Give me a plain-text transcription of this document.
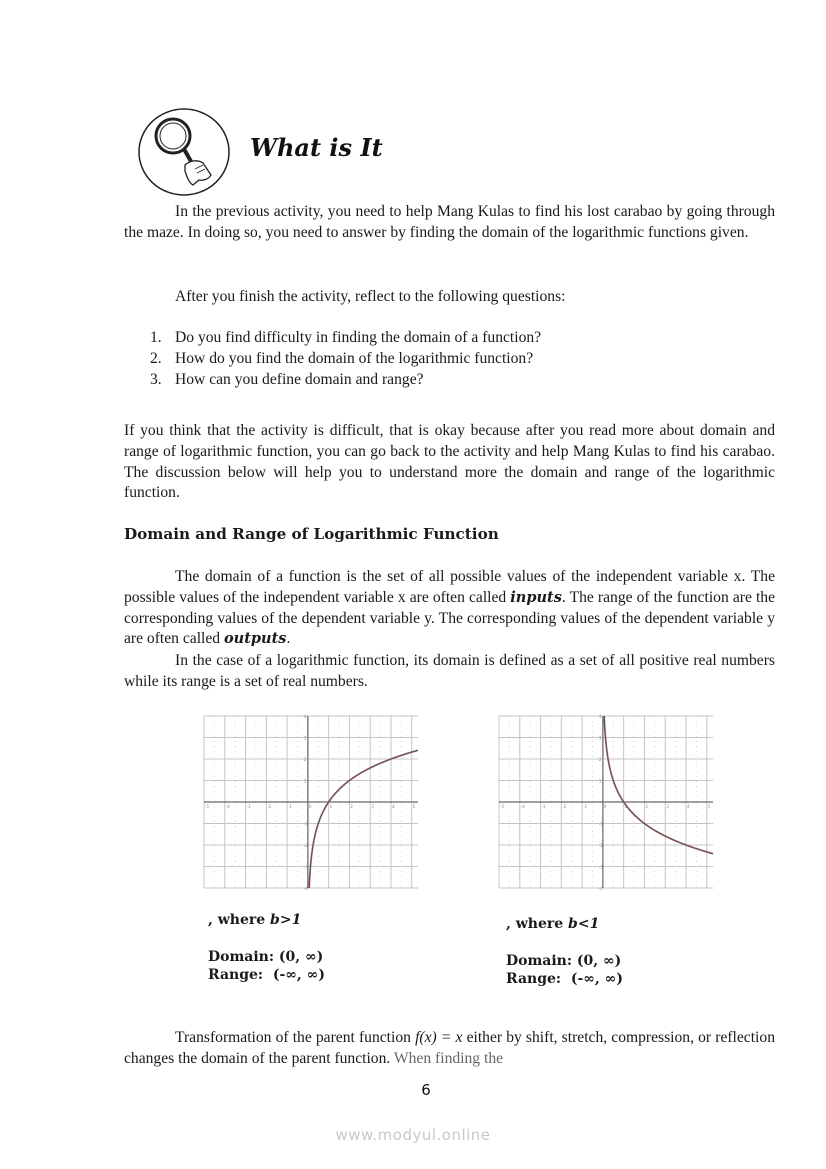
What is It
In the previous activity, you need to help Mang Kulas to find his lost carabao by going through the maze. In doing so, you need to answer by finding the domain of the logarithmic functions given.
After you finish the activity, reflect to the following questions:
1. Do you find difficulty in finding the domain of a function?
2. How do you find the domain of the logarithmic function?
3. How can you define domain and range?
If you think that the activity is difficult, that is okay because after you read more about domain and range of logarithmic function, you can go back to the activity and help Mang Kulas to find his carabao. The discussion below will help you to understand more the domain and range of the logarithmic function.
Domain and Range of Logarithmic Function
The domain of a function is the set of all possible values of the independent variable x. The possible values of the independent variable x are often called inputs. The range of the function are the corresponding values of the dependent variable y. The corresponding values of the dependent variable y are often called outputs.
In the case of a logarithmic function, its domain is defined as a set of all positive real numbers while its range is a set of real numbers.
-5	-4	-3	-2	-1	0	1	2	3	4	5
-4
-3
-2
-1
1
2
3
4
-5	-4	-3	-2	-1	0	1	2	3	4	5
-4
-3
-2
-1
1
2
3
4
, where b>1
Domain: (0, ∞)
Range: (-∞, ∞)
, where b<1
Domain: (0, ∞)
Range: (-∞, ∞)
Transformation of the parent function f(x) = x either by shift, stretch, compression, or reflection changes the domain of the parent function. When finding the
6
www.modyul.online
